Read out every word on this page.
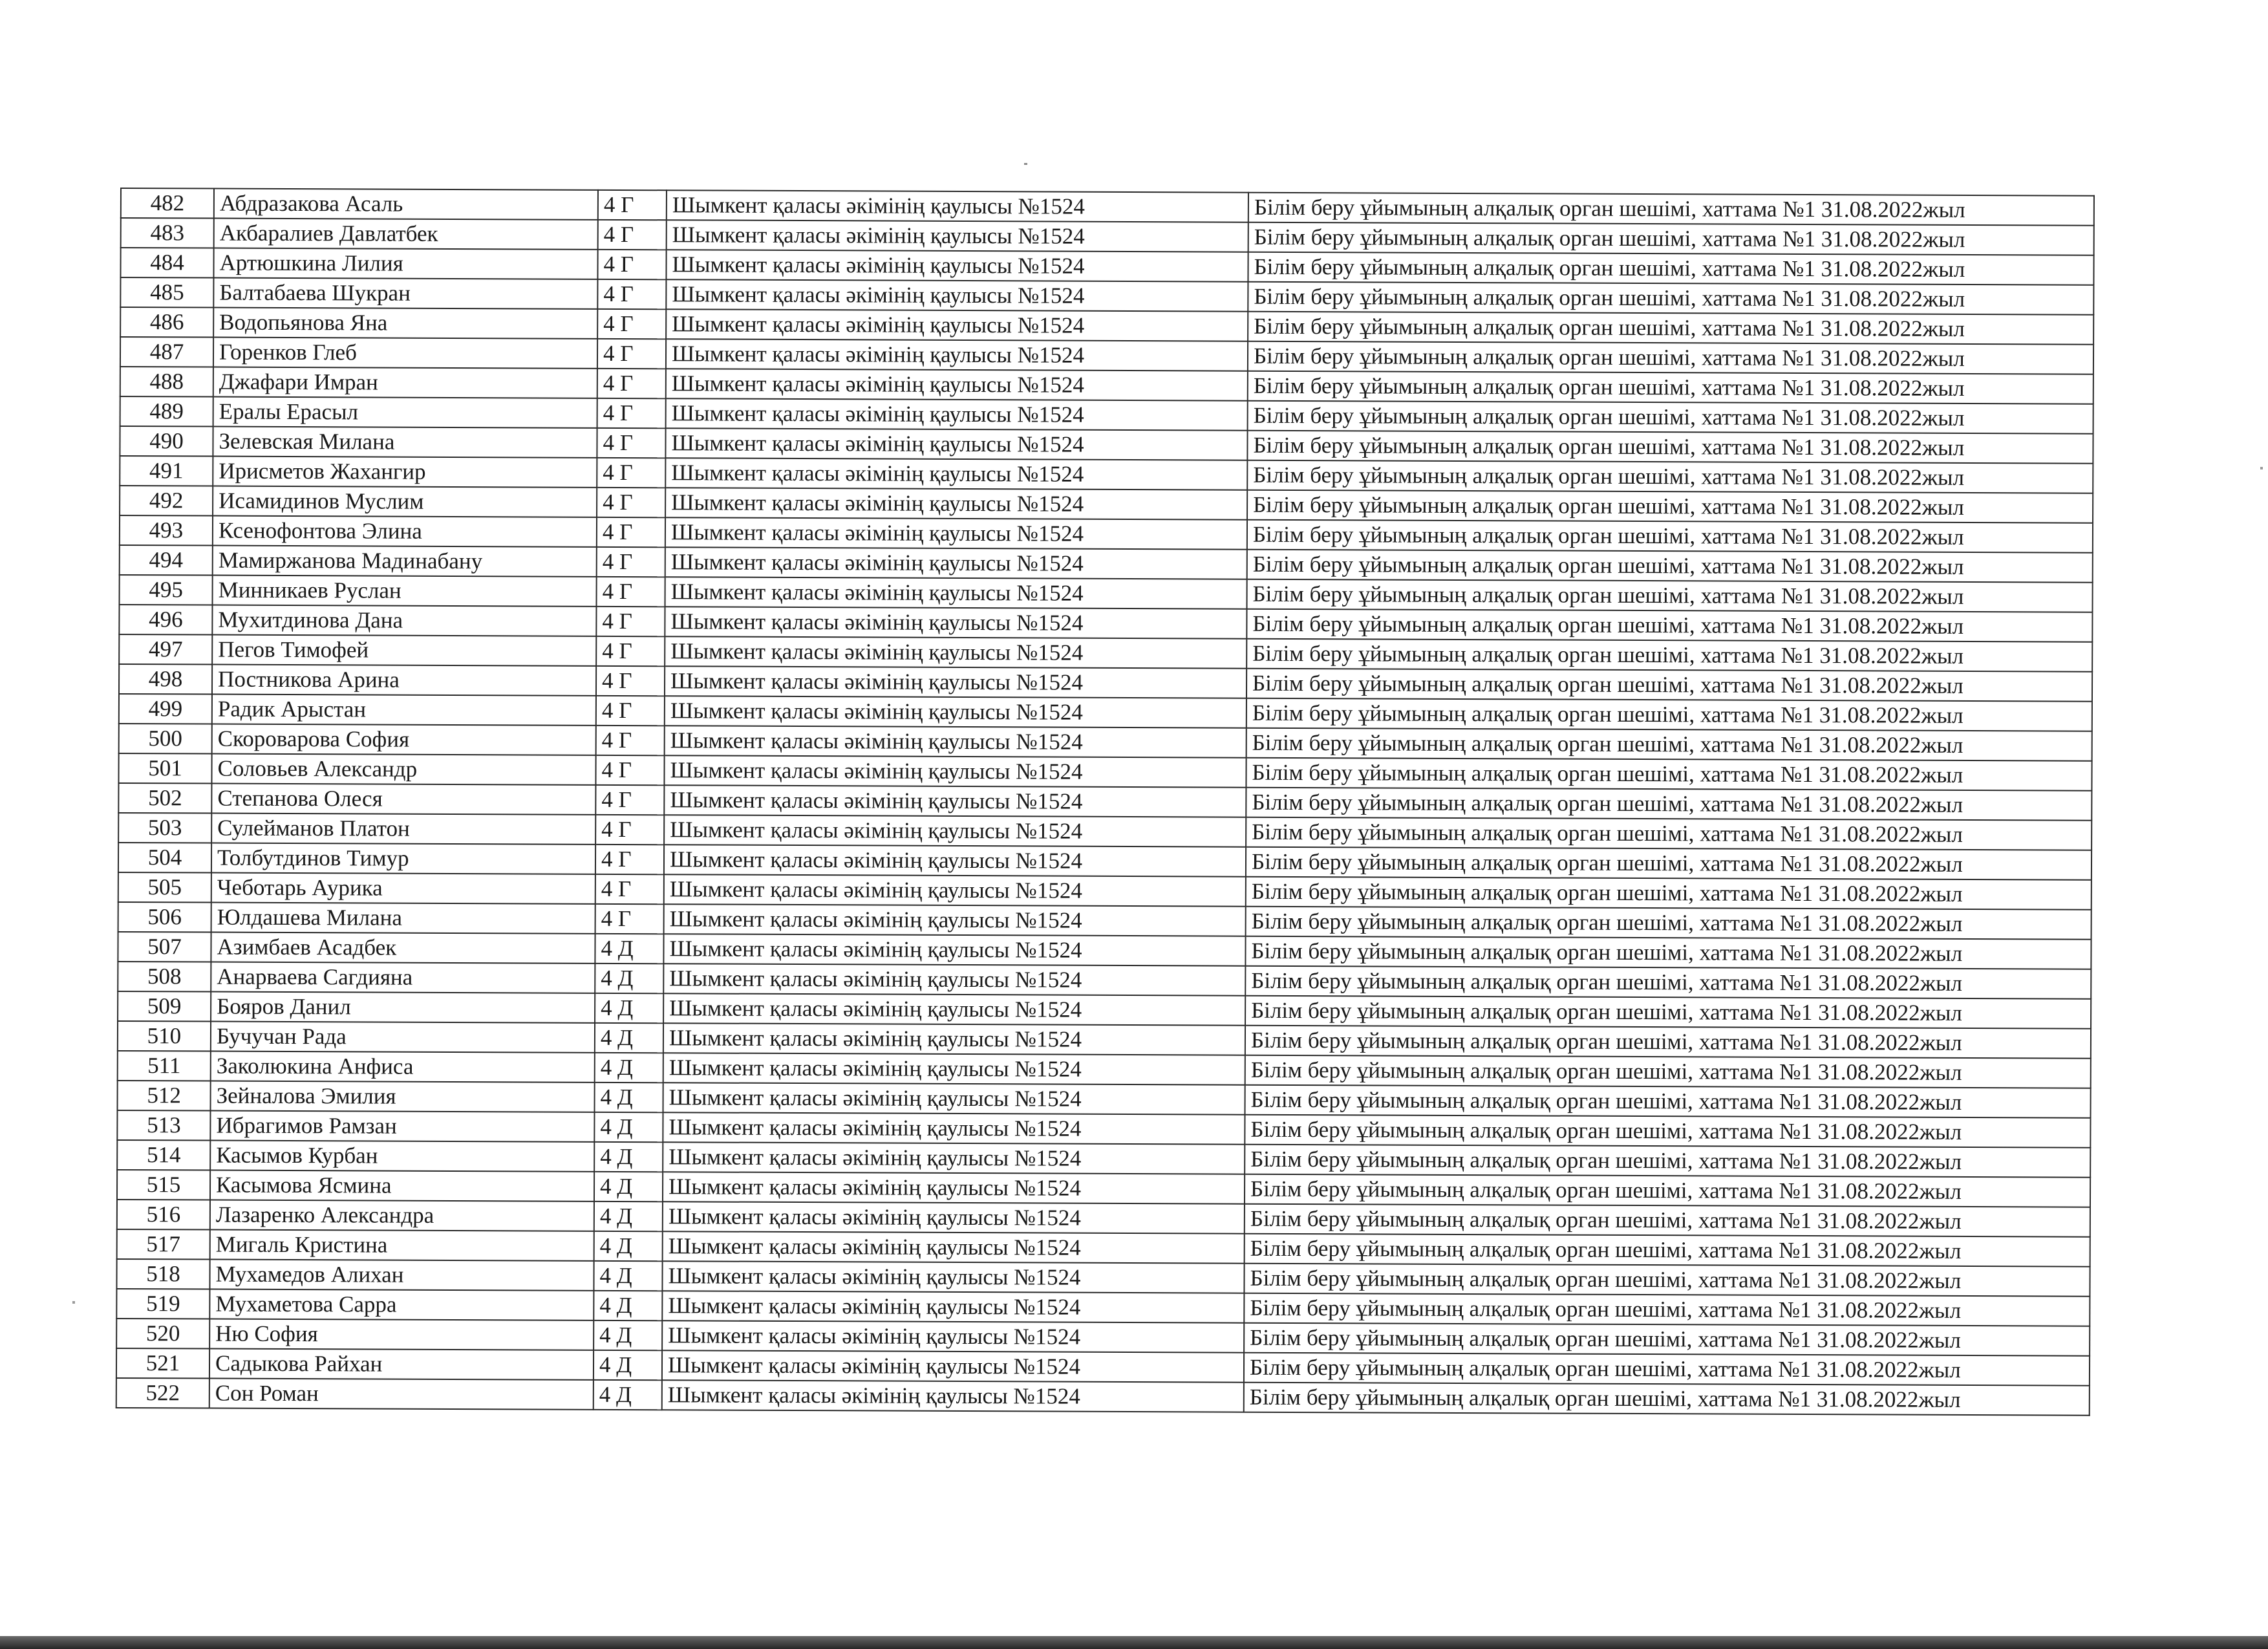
482	Абдразакова Асаль	4 Г	Шымкент қаласы әкімінің қаулысы №1524	Білім беру ұйымының алқалық орган шешімі, хаттама №1 31.08.2022жыл
483	Акбаралиев Давлатбек	4 Г	Шымкент қаласы әкімінің қаулысы №1524	Білім беру ұйымының алқалық орган шешімі, хаттама №1 31.08.2022жыл
484	Артюшкина Лилия	4 Г	Шымкент қаласы әкімінің қаулысы №1524	Білім беру ұйымының алқалық орган шешімі, хаттама №1 31.08.2022жыл
485	Балтабаева Шукран	4 Г	Шымкент қаласы әкімінің қаулысы №1524	Білім беру ұйымының алқалық орган шешімі, хаттама №1 31.08.2022жыл
486	Водопьянова Яна	4 Г	Шымкент қаласы әкімінің қаулысы №1524	Білім беру ұйымының алқалық орган шешімі, хаттама №1 31.08.2022жыл
487	Горенков Глеб	4 Г	Шымкент қаласы әкімінің қаулысы №1524	Білім беру ұйымының алқалық орган шешімі, хаттама №1 31.08.2022жыл
488	Джафари Имран	4 Г	Шымкент қаласы әкімінің қаулысы №1524	Білім беру ұйымының алқалық орган шешімі, хаттама №1 31.08.2022жыл
489	Ералы Ерасыл	4 Г	Шымкент қаласы әкімінің қаулысы №1524	Білім беру ұйымының алқалық орган шешімі, хаттама №1 31.08.2022жыл
490	Зелевская Милана	4 Г	Шымкент қаласы әкімінің қаулысы №1524	Білім беру ұйымының алқалық орган шешімі, хаттама №1 31.08.2022жыл
491	Ирисметов Жахангир	4 Г	Шымкент қаласы әкімінің қаулысы №1524	Білім беру ұйымының алқалық орган шешімі, хаттама №1 31.08.2022жыл
492	Исамидинов Муслим	4 Г	Шымкент қаласы әкімінің қаулысы №1524	Білім беру ұйымының алқалық орган шешімі, хаттама №1 31.08.2022жыл
493	Ксенофонтова Элина	4 Г	Шымкент қаласы әкімінің қаулысы №1524	Білім беру ұйымының алқалық орган шешімі, хаттама №1 31.08.2022жыл
494	Мамиржанова Мадинабану	4 Г	Шымкент қаласы әкімінің қаулысы №1524	Білім беру ұйымының алқалық орган шешімі, хаттама №1 31.08.2022жыл
495	Минникаев Руслан	4 Г	Шымкент қаласы әкімінің қаулысы №1524	Білім беру ұйымының алқалық орган шешімі, хаттама №1 31.08.2022жыл
496	Мухитдинова Дана	4 Г	Шымкент қаласы әкімінің қаулысы №1524	Білім беру ұйымының алқалық орган шешімі, хаттама №1 31.08.2022жыл
497	Пегов Тимофей	4 Г	Шымкент қаласы әкімінің қаулысы №1524	Білім беру ұйымының алқалық орган шешімі, хаттама №1 31.08.2022жыл
498	Постникова Арина	4 Г	Шымкент қаласы әкімінің қаулысы №1524	Білім беру ұйымының алқалық орган шешімі, хаттама №1 31.08.2022жыл
499	Радик Арыстан	4 Г	Шымкент қаласы әкімінің қаулысы №1524	Білім беру ұйымының алқалық орган шешімі, хаттама №1 31.08.2022жыл
500	Скороварова София	4 Г	Шымкент қаласы әкімінің қаулысы №1524	Білім беру ұйымының алқалық орган шешімі, хаттама №1 31.08.2022жыл
501	Соловьев Александр	4 Г	Шымкент қаласы әкімінің қаулысы №1524	Білім беру ұйымының алқалық орган шешімі, хаттама №1 31.08.2022жыл
502	Степанова Олеся	4 Г	Шымкент қаласы әкімінің қаулысы №1524	Білім беру ұйымының алқалық орган шешімі, хаттама №1 31.08.2022жыл
503	Сулейманов Платон	4 Г	Шымкент қаласы әкімінің қаулысы №1524	Білім беру ұйымының алқалық орган шешімі, хаттама №1 31.08.2022жыл
504	Толбутдинов Тимур	4 Г	Шымкент қаласы әкімінің қаулысы №1524	Білім беру ұйымының алқалық орган шешімі, хаттама №1 31.08.2022жыл
505	Чеботарь Аурика	4 Г	Шымкент қаласы әкімінің қаулысы №1524	Білім беру ұйымының алқалық орган шешімі, хаттама №1 31.08.2022жыл
506	Юлдашева Милана	4 Г	Шымкент қаласы әкімінің қаулысы №1524	Білім беру ұйымының алқалық орган шешімі, хаттама №1 31.08.2022жыл
507	Азимбаев Асадбек	4 Д	Шымкент қаласы әкімінің қаулысы №1524	Білім беру ұйымының алқалық орган шешімі, хаттама №1 31.08.2022жыл
508	Анарваева Сагдияна	4 Д	Шымкент қаласы әкімінің қаулысы №1524	Білім беру ұйымының алқалық орган шешімі, хаттама №1 31.08.2022жыл
509	Бояров Данил	4 Д	Шымкент қаласы әкімінің қаулысы №1524	Білім беру ұйымының алқалық орган шешімі, хаттама №1 31.08.2022жыл
510	Бучучан Рада	4 Д	Шымкент қаласы әкімінің қаулысы №1524	Білім беру ұйымының алқалық орган шешімі, хаттама №1 31.08.2022жыл
511	Заколюкина Анфиса	4 Д	Шымкент қаласы әкімінің қаулысы №1524	Білім беру ұйымының алқалық орган шешімі, хаттама №1 31.08.2022жыл
512	Зейналова Эмилия	4 Д	Шымкент қаласы әкімінің қаулысы №1524	Білім беру ұйымының алқалық орган шешімі, хаттама №1 31.08.2022жыл
513	Ибрагимов Рамзан	4 Д	Шымкент қаласы әкімінің қаулысы №1524	Білім беру ұйымының алқалық орган шешімі, хаттама №1 31.08.2022жыл
514	Касымов Курбан	4 Д	Шымкент қаласы әкімінің қаулысы №1524	Білім беру ұйымының алқалық орган шешімі, хаттама №1 31.08.2022жыл
515	Касымова Ясмина	4 Д	Шымкент қаласы әкімінің қаулысы №1524	Білім беру ұйымының алқалық орган шешімі, хаттама №1 31.08.2022жыл
516	Лазаренко Александра	4 Д	Шымкент қаласы әкімінің қаулысы №1524	Білім беру ұйымының алқалық орган шешімі, хаттама №1 31.08.2022жыл
517	Мигаль Кристина	4 Д	Шымкент қаласы әкімінің қаулысы №1524	Білім беру ұйымының алқалық орган шешімі, хаттама №1 31.08.2022жыл
518	Мухамедов Алихан	4 Д	Шымкент қаласы әкімінің қаулысы №1524	Білім беру ұйымының алқалық орган шешімі, хаттама №1 31.08.2022жыл
519	Мухаметова Сарра	4 Д	Шымкент қаласы әкімінің қаулысы №1524	Білім беру ұйымының алқалық орган шешімі, хаттама №1 31.08.2022жыл
520	Ню София	4 Д	Шымкент қаласы әкімінің қаулысы №1524	Білім беру ұйымының алқалық орган шешімі, хаттама №1 31.08.2022жыл
521	Садыкова Райхан	4 Д	Шымкент қаласы әкімінің қаулысы №1524	Білім беру ұйымының алқалық орган шешімі, хаттама №1 31.08.2022жыл
522	Сон Роман	4 Д	Шымкент қаласы әкімінің қаулысы №1524	Білім беру ұйымының алқалық орган шешімі, хаттама №1 31.08.2022жыл
